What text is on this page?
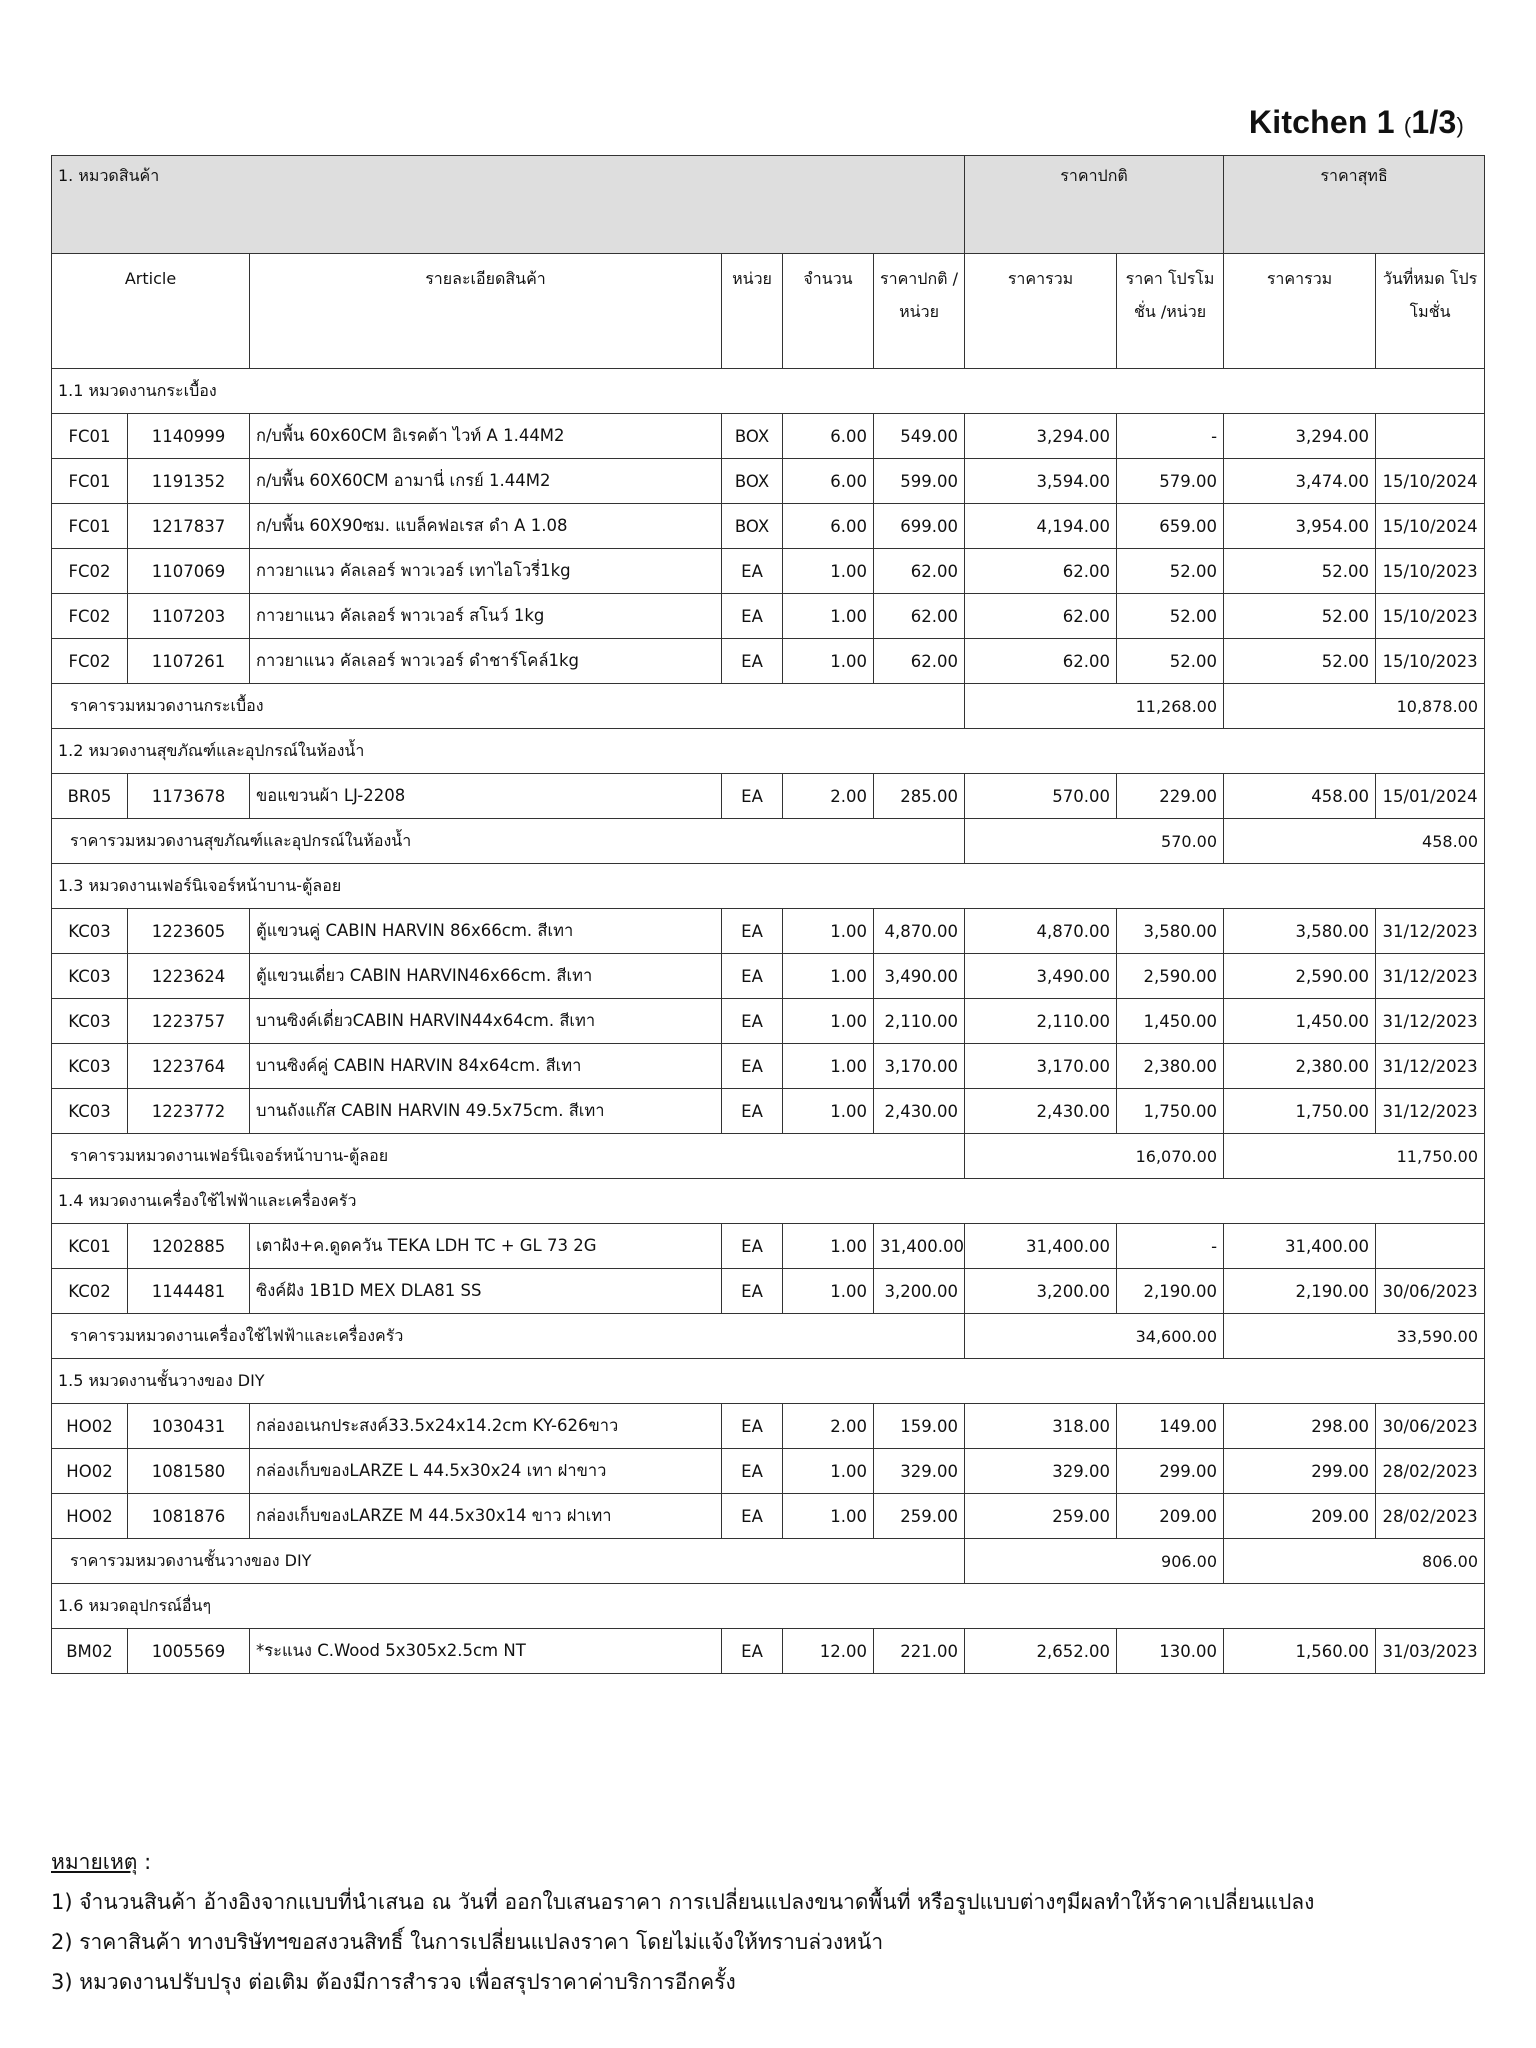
Kitchen 1 (1/3)
1. หมวดสินค้า						ราคาปกติ		ราคาสุทธิ	
Article		รายละเอียดสินค้า	หน่วย	จำนวน	ราคาปกติ /หน่วย	ราคารวม	ราคา โปรโมชั่น /หน่วย	ราคารวม	วันที่หมด โปรโมชั่น
1.1 หมวดงานกระเบื้อง									
FC01	1140999	ก/บพื้น 60x60CM อิเรคต้า ไวท์ A 1.44M2	BOX	6.00	549.00	3,294.00	-	3,294.00	
FC01	1191352	ก/บพื้น 60X60CM อามานี่ เกรย์ 1.44M2	BOX	6.00	599.00	3,594.00	579.00	3,474.00	15/10/2024
FC01	1217837	ก/บพื้น 60X90ซม. แบล็คฟอเรส ดำ A 1.08	BOX	6.00	699.00	4,194.00	659.00	3,954.00	15/10/2024
FC02	1107069	กาวยาแนว คัลเลอร์ พาวเวอร์ เทาไอโวรี่1kg	EA	1.00	62.00	62.00	52.00	52.00	15/10/2023
FC02	1107203	กาวยาแนว คัลเลอร์ พาวเวอร์ สโนว์ 1kg	EA	1.00	62.00	62.00	52.00	52.00	15/10/2023
FC02	1107261	กาวยาแนว คัลเลอร์ พาวเวอร์ ดำชาร์โคล์1kg	EA	1.00	62.00	62.00	52.00	52.00	15/10/2023
ราคารวมหมวดงานกระเบื้อง						11,268.00		10,878.00	
1.2 หมวดงานสุขภัณฑ์และอุปกรณ์ในห้องน้ำ									
BR05	1173678	ขอแขวนผ้า LJ-2208	EA	2.00	285.00	570.00	229.00	458.00	15/01/2024
ราคารวมหมวดงานสุขภัณฑ์และอุปกรณ์ในห้องน้ำ						570.00		458.00	
1.3 หมวดงานเฟอร์นิเจอร์หน้าบาน-ตู้ลอย									
KC03	1223605	ตู้แขวนคู่ CABIN HARVIN 86x66cm. สีเทา	EA	1.00	4,870.00	4,870.00	3,580.00	3,580.00	31/12/2023
KC03	1223624	ตู้แขวนเดี่ยว CABIN HARVIN46x66cm. สีเทา	EA	1.00	3,490.00	3,490.00	2,590.00	2,590.00	31/12/2023
KC03	1223757	บานซิงค์เดี่ยวCABIN HARVIN44x64cm. สีเทา	EA	1.00	2,110.00	2,110.00	1,450.00	1,450.00	31/12/2023
KC03	1223764	บานซิงค์คู่ CABIN HARVIN 84x64cm. สีเทา	EA	1.00	3,170.00	3,170.00	2,380.00	2,380.00	31/12/2023
KC03	1223772	บานถังแก๊ส CABIN HARVIN 49.5x75cm. สีเทา	EA	1.00	2,430.00	2,430.00	1,750.00	1,750.00	31/12/2023
ราคารวมหมวดงานเฟอร์นิเจอร์หน้าบาน-ตู้ลอย						16,070.00		11,750.00	
1.4 หมวดงานเครื่องใช้ไฟฟ้าและเครื่องครัว									
KC01	1202885	เตาฝัง+ค.ดูดควัน TEKA LDH TC + GL 73 2G	EA	1.00	31,400.00	31,400.00	-	31,400.00	
KC02	1144481	ซิงค์ฝัง 1B1D MEX DLA81 SS	EA	1.00	3,200.00	3,200.00	2,190.00	2,190.00	30/06/2023
ราคารวมหมวดงานเครื่องใช้ไฟฟ้าและเครื่องครัว						34,600.00		33,590.00	
1.5 หมวดงานชั้นวางของ DIY									
HO02	1030431	กล่องอเนกประสงค์33.5x24x14.2cm KY-626ขาว	EA	2.00	159.00	318.00	149.00	298.00	30/06/2023
HO02	1081580	กล่องเก็บของLARZE L 44.5x30x24 เทา ฝาขาว	EA	1.00	329.00	329.00	299.00	299.00	28/02/2023
HO02	1081876	กล่องเก็บของLARZE M 44.5x30x14 ขาว ฝาเทา	EA	1.00	259.00	259.00	209.00	209.00	28/02/2023
ราคารวมหมวดงานชั้นวางของ DIY						906.00		806.00	
1.6 หมวดอุปกรณ์อื่นๆ									
BM02	1005569	*ระแนง C.Wood 5x305x2.5cm NT	EA	12.00	221.00	2,652.00	130.00	1,560.00	31/03/2023
หมายเหตุ :
1) จำนวนสินค้า อ้างอิงจากแบบที่นำเสนอ ณ วันที่ ออกใบเสนอราคา การเปลี่ยนแปลงขนาดพื้นที่ หรือรูปแบบต่างๆมีผลทำให้ราคาเปลี่ยนแปลง
2) ราคาสินค้า ทางบริษัทฯขอสงวนสิทธิ์ ในการเปลี่ยนแปลงราคา โดยไม่แจ้งให้ทราบล่วงหน้า
3) หมวดงานปรับปรุง ต่อเติม ต้องมีการสำรวจ เพื่อสรุปราคาค่าบริการอีกครั้ง
